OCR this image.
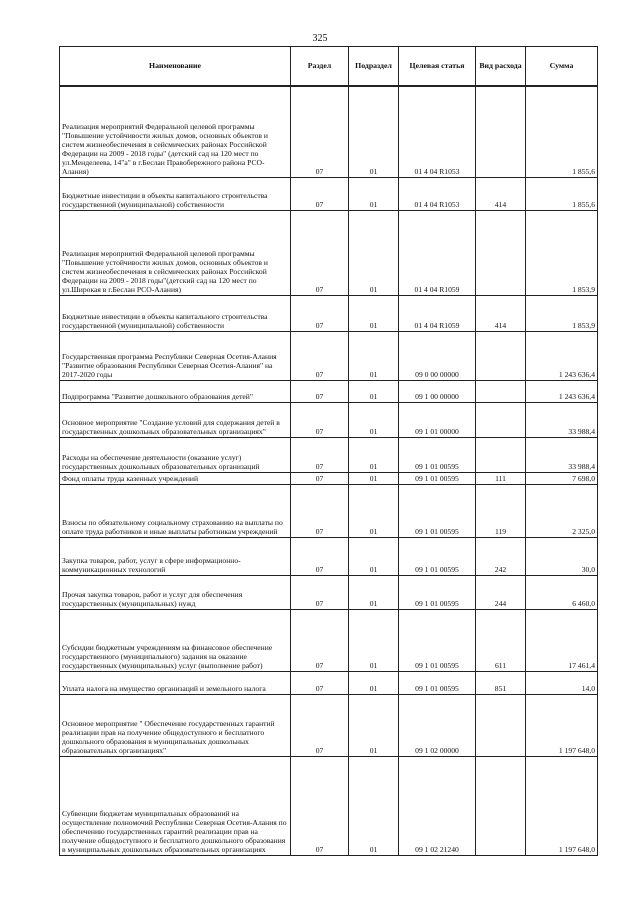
325
Наименование	Раздел	Подраздел	Целевая статья	Вид расхода	Сумма
Реализация мероприятий Федеральной целевой программы "Повышение устойчивости жилых домов, основных объектов и систем жизнеобеспечения в сейсмических районах Российской Федерации на 2009 - 2018 годы" (детский сад на 120 мест по ул.Менделеева, 14"а" в г.Беслан Правобережного района РСО-Алания)	07	01	01 4 04 R1053		1 855,6
Бюджетные инвестиции в объекты капитального строительства государственной (муниципальной) собственности	07	01	01 4 04 R1053	414	1 855,6
Реализация мероприятий Федеральной целевой программы "Повышение устойчивости жилых домов, основных объектов и систем жизнеобеспечения в сейсмических районах Российской Федерации на 2009 - 2018 годы"(детский сад на 120 мест по ул.Широкая в г.Беслан РСО-Алания)	07	01	01 4 04 R1059		1 853,9
Бюджетные инвестиции в объекты капитального строительства государственной (муниципальной) собственности	07	01	01 4 04 R1059	414	1 853,9
Государственная программа Республики Северная Осетия-Алания "Развитие образования Республики Северная Осетия-Алания" на 2017-2020 годы	07	01	09 0 00 00000		1 243 636,4
Подпрограмма "Развитие дошкольного образования детей"	07	01	09 1 00 00000		1 243 636,4
Основное мероприятие "Создание условий для содержания детей в государственных дошкольных образовательных организациях"	07	01	09 1 01 00000		33 988,4
Расходы на обеспечение деятельности (оказание услуг) государственных дошкольных образовательных организаций	07	01	09 1 01 00595		33 988,4
Фонд оплаты труда казенных учреждений	07	01	09 1 01 00595	111	7 698,0
Взносы по обязательному социальному страхованию на выплаты по оплате труда работников и иные выплаты работникам учреждений	07	01	09 1 01 00595	119	2 325,0
Закупка товаров, работ, услуг в сфере информационно-коммуникационных технологий	07	01	09 1 01 00595	242	30,0
Прочая закупка товаров, работ и услуг для обеспечения государственных (муниципальных) нужд	07	01	09 1 01 00595	244	6 460,0
Субсидии бюджетным учреждениям на финансовое обеспечение государственного (муниципального) задания на оказание государственных (муниципальных) услуг (выполнение работ)	07	01	09 1 01 00595	611	17 461,4
Уплата налога на имущество организаций и земельного налога	07	01	09 1 01 00595	851	14,0
Основное мероприятие " Обеспечение государственных гарантий реализации прав на получение общедоступного и бесплатного дошкольного образования в муниципальных дошкольных образовательных организациях"	07	01	09 1 02 00000		1 197 648,0
Субвенции бюджетам муниципальных образований на осуществление полномочий Республики Северная Осетия-Алания по обеспечению государственных гарантий реализации прав на получение общедоступного и бесплатного дошкольного образования в муниципальных дошкольных образовательных организациях	07	01	09 1 02 21240		1 197 648,0
